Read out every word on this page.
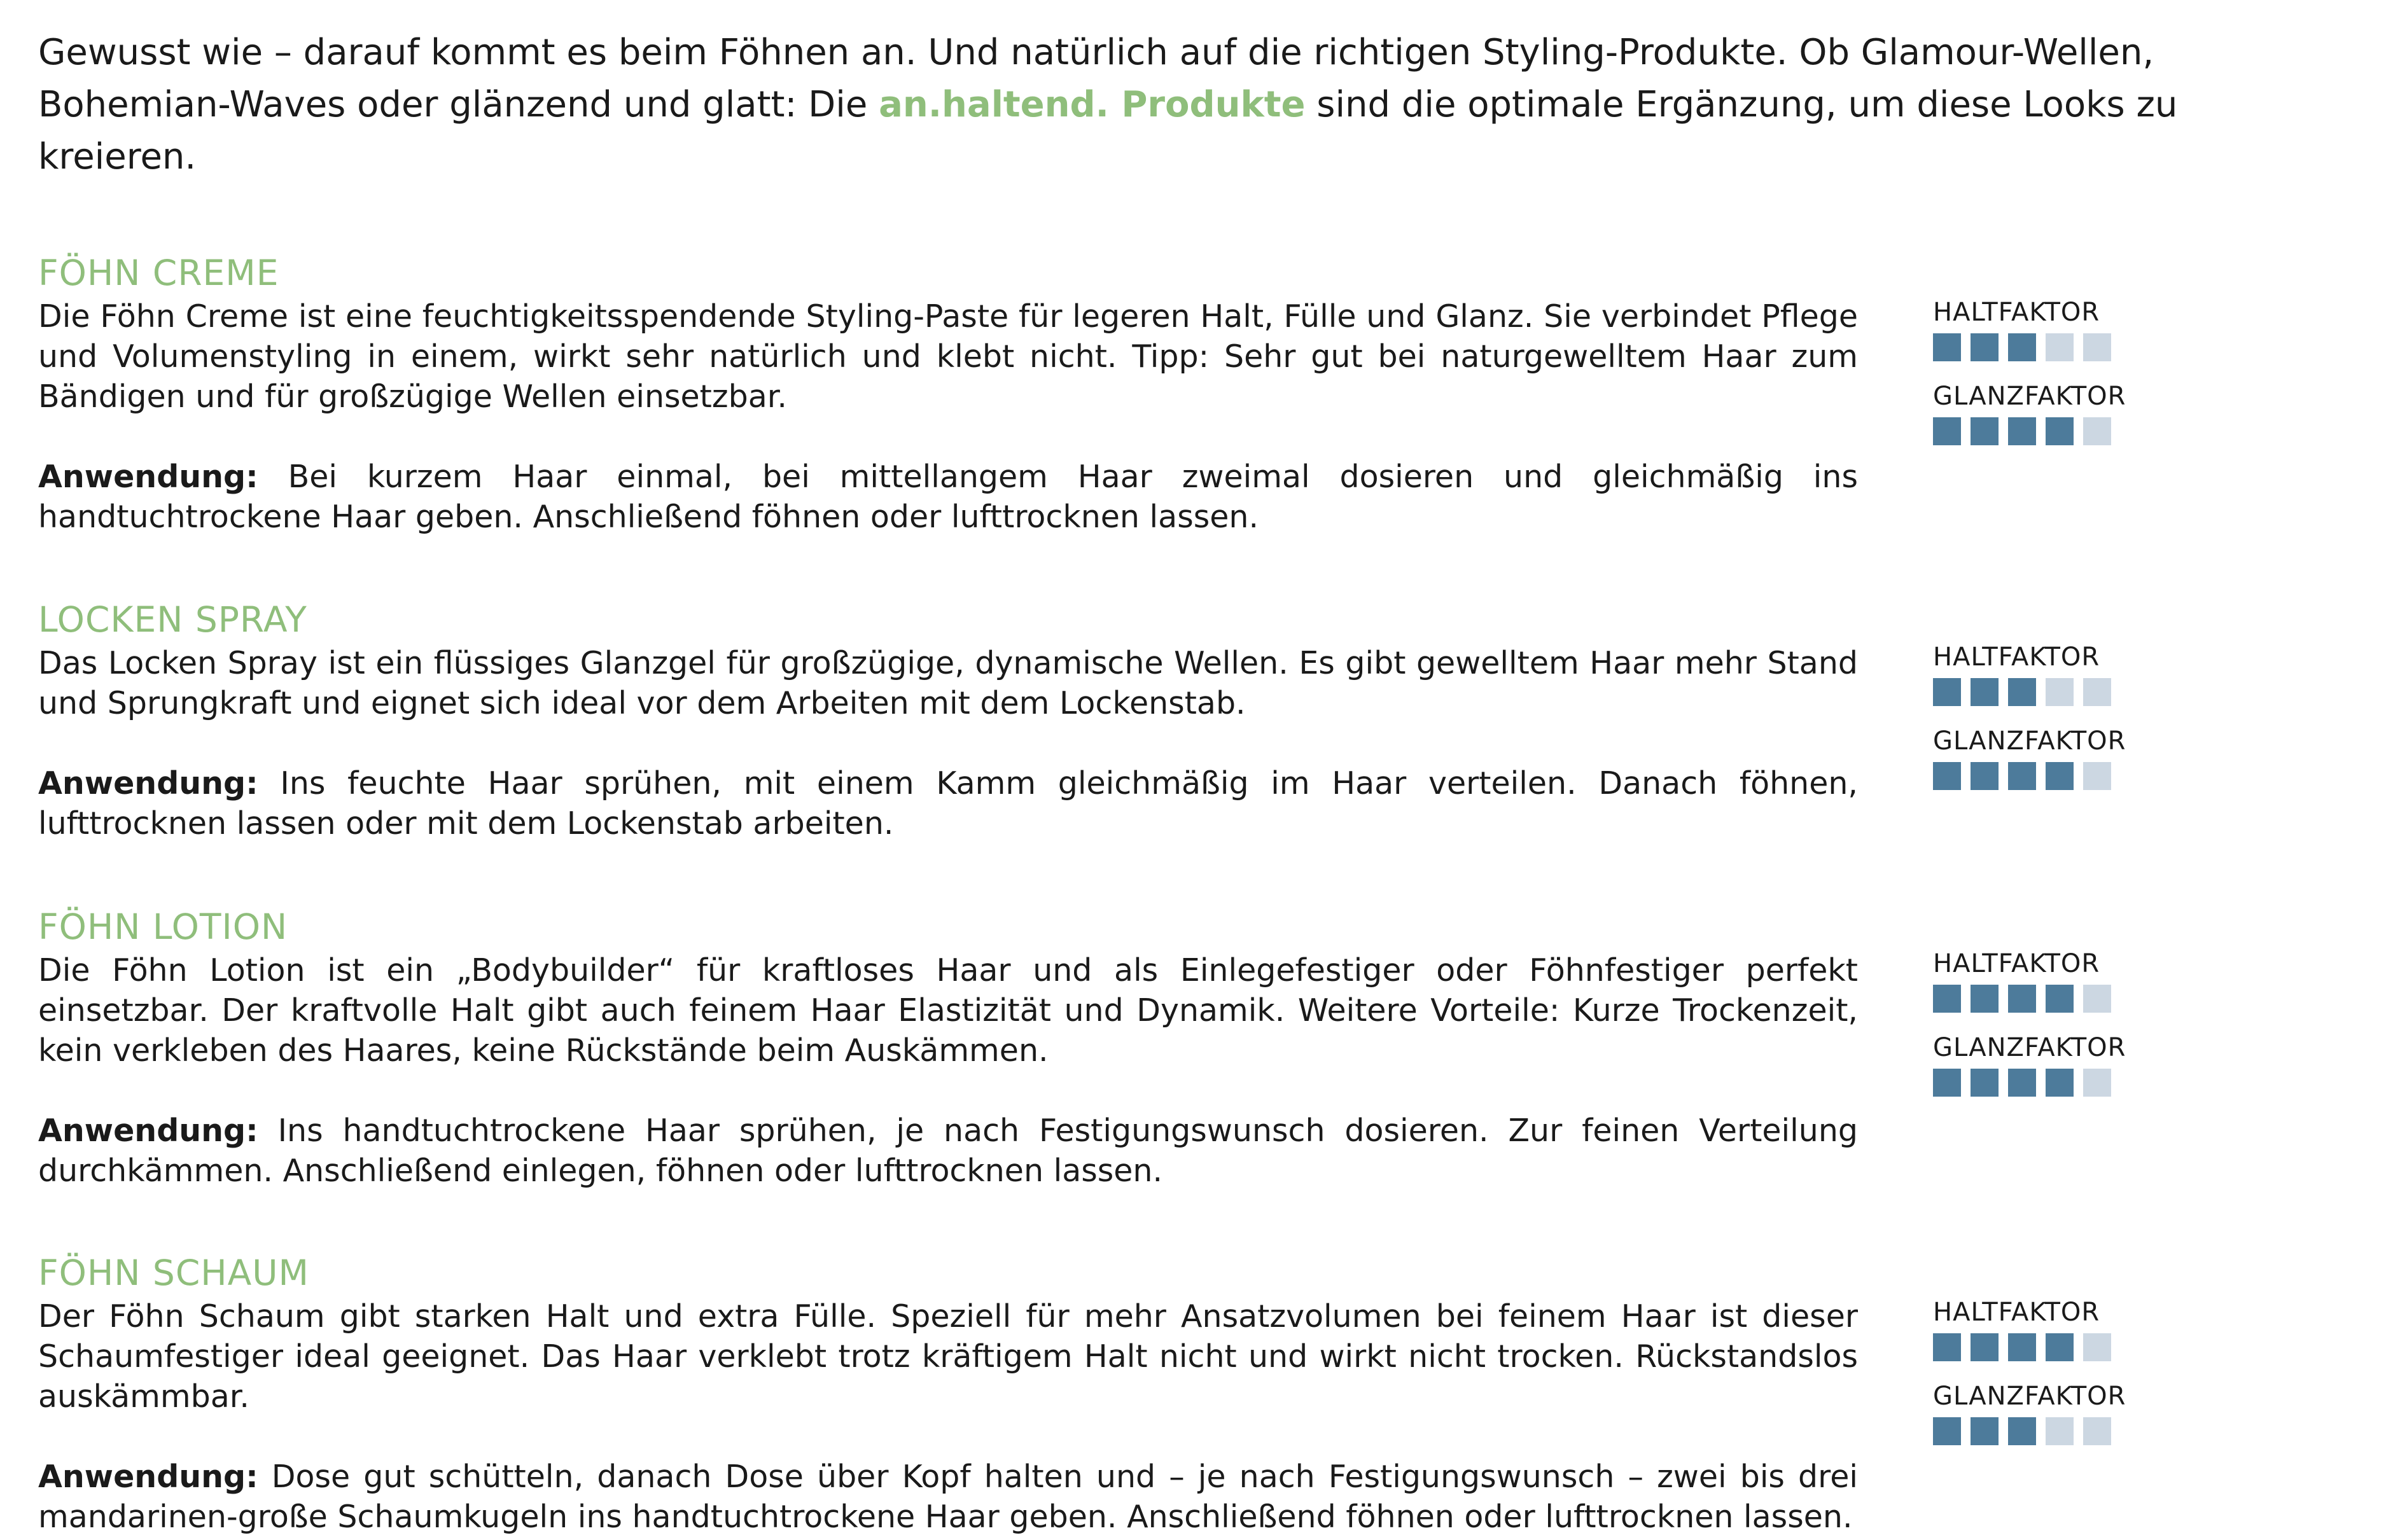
Gewusst wie – darauf kommt es beim Föhnen an. Und natürlich auf die richtigen Styling-Produkte. Ob Glamour-Wellen, Bohemian-Waves oder glänzend und glatt: Die an.haltend. Produkte sind die optimale Ergänzung, um diese Looks zu kreieren.

FÖHN CREME

Die Föhn Creme ist eine feuchtigkeitsspendende Styling-Paste für legeren Halt, Fülle und Glanz. Sie verbindet Pflege und Volumenstyling in einem, wirkt sehr natürlich und klebt nicht. Tipp: Sehr gut bei naturgewelltem Haar zum Bändigen und für großzügige Wellen einsetzbar.

Anwendung: Bei kurzem Haar einmal, bei mittellangem Haar zweimal dosieren und gleichmäßig ins handtuchtrockene Haar geben. Anschließend föhnen oder lufttrocknen lassen.

HALTFAKTOR

GLANZFAKTOR

LOCKEN SPRAY

Das Locken Spray ist ein flüssiges Glanzgel für großzügige, dynamische Wellen. Es gibt gewelltem Haar mehr Stand und Sprungkraft und eignet sich ideal vor dem Arbeiten mit dem Lockenstab.

Anwendung: Ins feuchte Haar sprühen, mit einem Kamm gleichmäßig im Haar verteilen. Danach föhnen, lufttrocknen lassen oder mit dem Lockenstab arbeiten.

HALTFAKTOR

GLANZFAKTOR

FÖHN LOTION

Die Föhn Lotion ist ein „Bodybuilder“ für kraftloses Haar und als Einlegefestiger oder Föhnfestiger perfekt einsetzbar. Der kraftvolle Halt gibt auch feinem Haar Elastizität und Dynamik. Weitere Vorteile: Kurze Trockenzeit, kein verkleben des Haares, keine Rückstände beim Auskämmen.

Anwendung: Ins handtuchtrockene Haar sprühen, je nach Festigungswunsch dosieren. Zur feinen Verteilung durchkämmen. Anschließend einlegen, föhnen oder lufttrocknen lassen.

HALTFAKTOR

GLANZFAKTOR

FÖHN SCHAUM

Der Föhn Schaum gibt starken Halt und extra Fülle. Speziell für mehr Ansatzvolumen bei feinem Haar ist dieser Schaumfestiger ideal geeignet. Das Haar verklebt trotz kräftigem Halt nicht und wirkt nicht trocken. Rückstandslos auskämmbar.

Anwendung: Dose gut schütteln, danach Dose über Kopf halten und – je nach Festigungswunsch – zwei bis drei mandarinen-große Schaumkugeln ins handtuchtrockene Haar geben. Anschließend föhnen oder lufttrocknen lassen.

HALTFAKTOR

GLANZFAKTOR
